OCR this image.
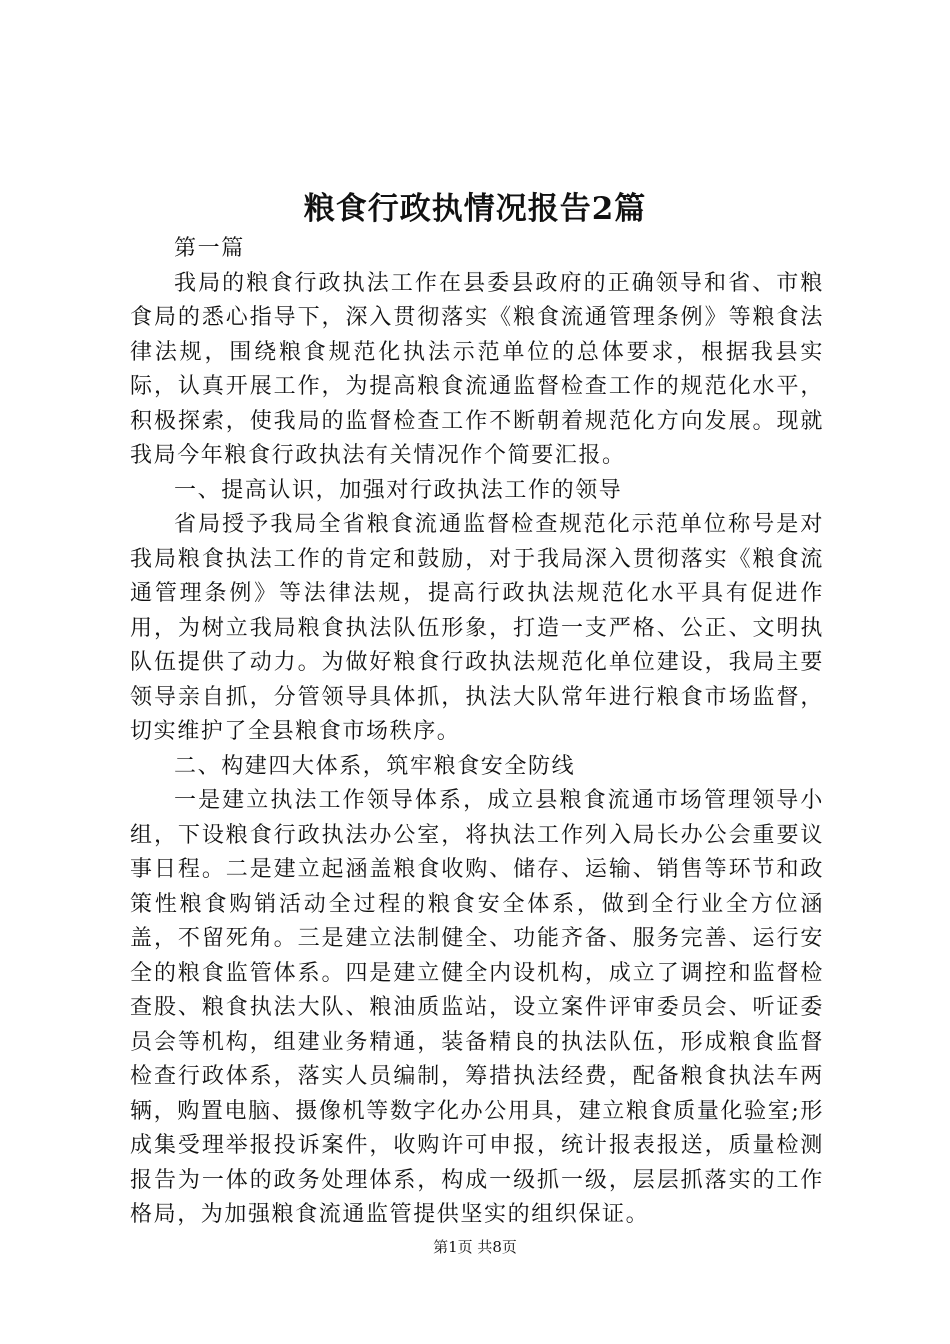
粮食行政执情况报告2篇

第一篇

我局的粮食行政执法工作在县委县政府的正确领导和省、市粮食局的悉心指导下，深入贯彻落实《粮食流通管理条例》等粮食法律法规，围绕粮食规范化执法示范单位的总体要求，根据我县实际，认真开展工作，为提高粮食流通监督检查工作的规范化水平，积极探索，使我局的监督检查工作不断朝着规范化方向发展。现就我局今年粮食行政执法有关情况作个简要汇报。

一、提高认识，加强对行政执法工作的领导

省局授予我局全省粮食流通监督检查规范化示范单位称号是对我局粮食执法工作的肯定和鼓励，对于我局深入贯彻落实《粮食流通管理条例》等法律法规，提高行政执法规范化水平具有促进作用，为树立我局粮食执法队伍形象，打造一支严格、公正、文明执队伍提供了动力。为做好粮食行政执法规范化单位建设，我局主要领导亲自抓，分管领导具体抓，执法大队常年进行粮食市场监督，切实维护了全县粮食市场秩序。

二、构建四大体系，筑牢粮食安全防线

一是建立执法工作领导体系，成立县粮食流通市场管理领导小组，下设粮食行政执法办公室，将执法工作列入局长办公会重要议事日程。二是建立起涵盖粮食收购、储存、运输、销售等环节和政策性粮食购销活动全过程的粮食安全体系，做到全行业全方位涵盖，不留死角。三是建立法制健全、功能齐备、服务完善、运行安全的粮食监管体系。四是建立健全内设机构，成立了调控和监督检查股、粮食执法大队、粮油质监站，设立案件评审委员会、听证委员会等机构，组建业务精通，装备精良的执法队伍，形成粮食监督检查行政体系，落实人员编制，筹措执法经费，配备粮食执法车两辆，购置电脑、摄像机等数字化办公用具，建立粮食质量化验室;形成集受理举报投诉案件，收购许可申报，统计报表报送，质量检测报告为一体的政务处理体系，构成一级抓一级，层层抓落实的工作格局，为加强粮食流通监管提供坚实的组织保证。

第1页 共8页
